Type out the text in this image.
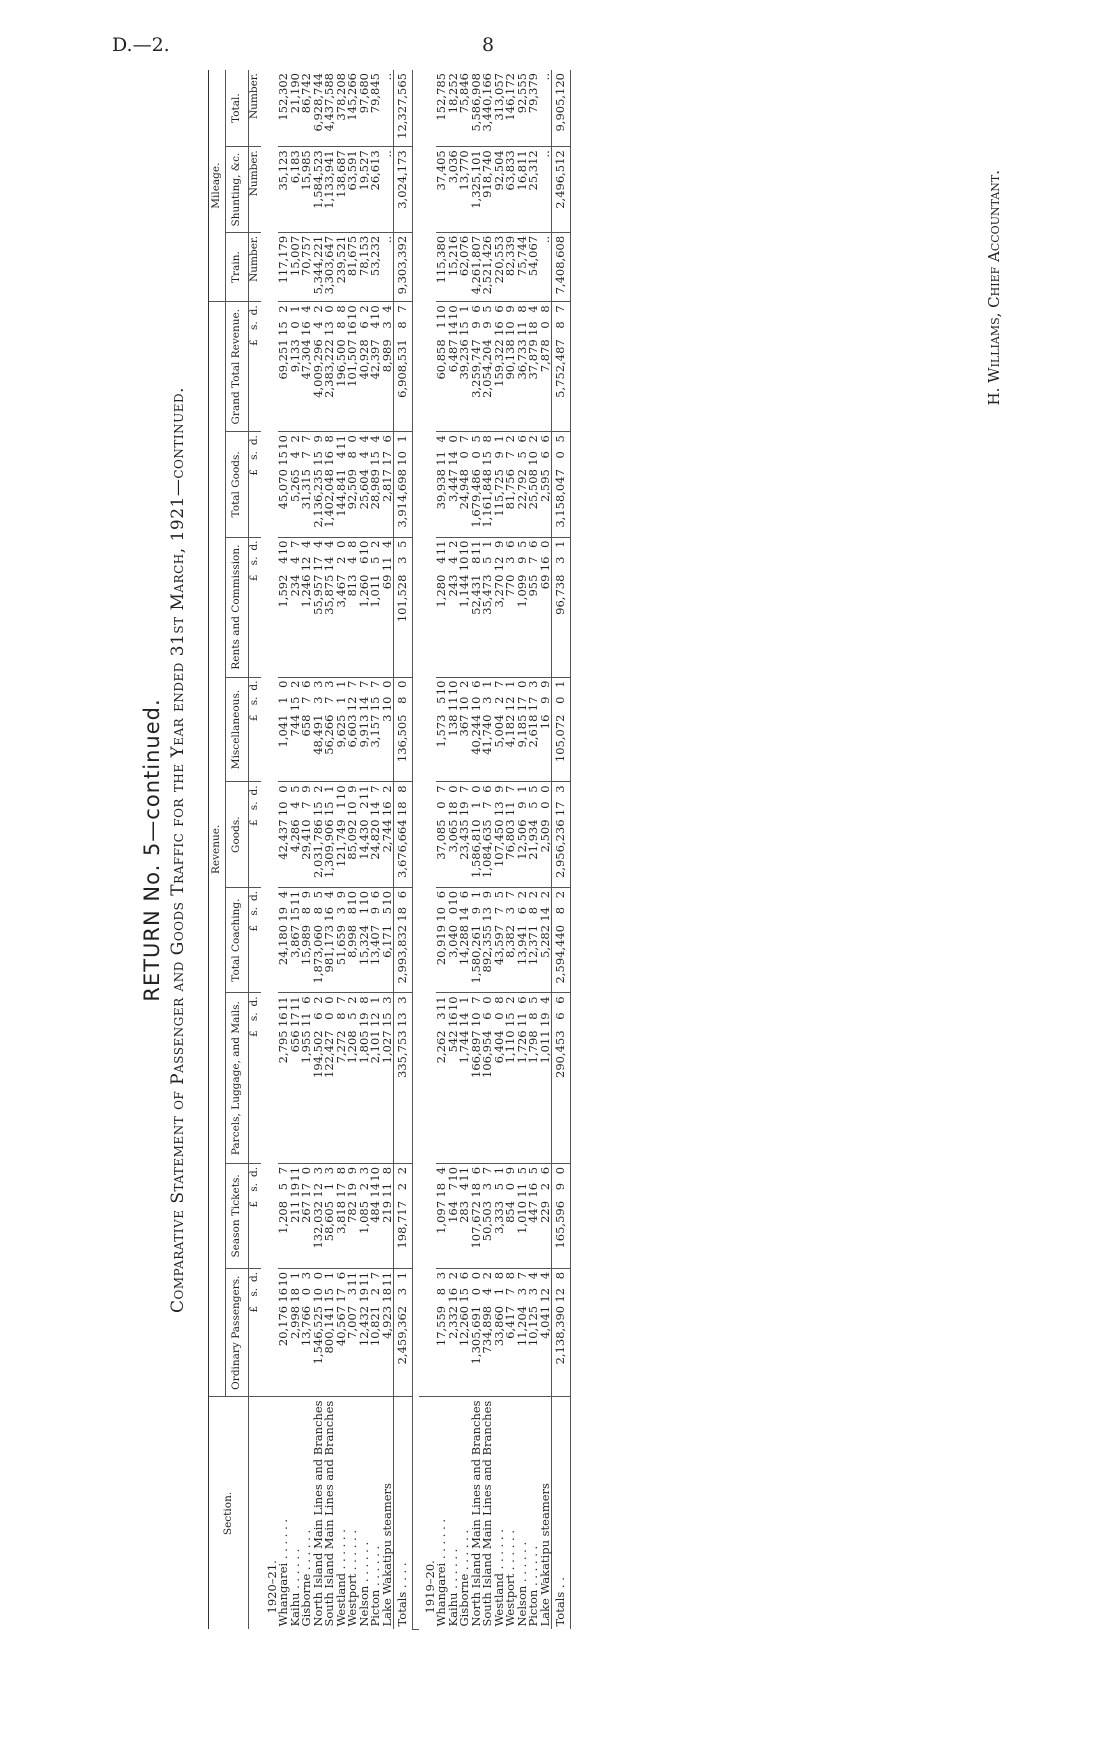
D.—2.	8
RETURN No. 5—continued. Comparative Statement of Passenger and Goods Traffic for the Year ended 31st March, 1921—continued.
Section.	Revenue.									Mileage.		
	Ordinary Passengers.	Season Tickets.	Parcels, Luggage, and Mails.	Total Coaching.	Goods.	Miscellaneous.	Rents and Commission.	Total Goods.	Grand Total Revenue.	Train.	Shunting, &c.	Total.
	£s.d.	£s.d.	£s.d.	£s.d.	£s.d.	£s.d.	£s.d.	£s.d.	£s.d.	Number.	Number.	Number.
1920–21.												
Whangarei . . . . . .	20,1761610	1,20857	2,7951611	24,180194	42,437100	1,04110	1,592410	45,0701510	69,251152	117,179	35,123	152,302
Kaihu . . . . . .	2,998181	2111911	6561711	3,8671511	4,28645	744152	23447	5,26542	9,13301	15,007	6,183	21,190
Gisborne . . . . . .	13,76603	267170	1,955116	15,98989	29,41079	65876	1,246124	31,31577	47,304164	70,757	15,985	86,742
North Island Main Lines and Branches	1,546,525100	132,032123	194,50262	1,873,06085	2,031,786152	48,49133	55,957174	2,136,235159	4,009,29642	5,344,221	1,584,523	6,928,744
South Island Main Lines and Branches	800,141151	58,60513	122,42700	981,173164	1,309,906151	56,26673	35,875144	1,402,048168	2,383,222130	3,303,647	1,133,941	4,437,588
Westland . . . . . .	40,567176	3,818178	7,27287	51,65939	121,749110	9,62511	3,46720	144,841411	196,50088	239,521	138,687	378,208
Westport . . . . . .	7,007311	782199	1,20852	8,998810	85,092109	6,603127	81348	92,50980	101,5071610	81,675	63,591	145,266
Nelson . . . . . .	12,4321911	1,08523	1,805198	15,324110	14,430211	9,913147	1,260610	25,60444	40,92862	78,153	19,527	97,680
Picton . . . . . .	10,82127	4841410	2,101121	13,40796	24,820147	3,157157	1,01152	28,989154	42,397410	53,232	26,613	79,845
Lake Wakatipu steamers	4,9231811	219118	1,027153	6,171510	2,744162	3100	69114	2,817176	8,98934	..	..	..
Totals . . . .	2,459,36231	198,71722	335,753133	2,993,832186	3,676,664188	136,50580	101,52835	3,914,698101	6,908,53187	9,303,392	3,024,173	12,327,565

1919–20.												
Whangarei . . . . . .	17,55983	1,097184	2,262311	20,919106	37,08507	1,573510	1,280411	39,938114	60,858110	115,380	37,405	152,785
Kaihu . . . . . .	2,332162	164710	5421610	3,040010	3,065180	1381110	24342	3,447140	6,4871410	15,216	3,036	18,252
Gisborne . . . . . .	12,260156	283411	1,744141	14,288146	23,435197	367102	1,1441010	24,94807	39,236151	62,076	13,770	75,846
North Island Main Lines and Branches	1,305,69100	107,672186	166,897107	1,580,26191	1,586,81010	40,244106	52,431811	1,679,48605	3,259,74796	4,261,807	1,325,101	5,586,908
South Island Main Lines and Branches	734,89842	50,50337	106,95460	892,355139	1,084,63576	41,74031	35,47351	1,161,848158	2,054,20495	2,521,426	918,740	3,440,166
Westland . . . . . .	33,86018	3,33351	6,40408	43,59775	107,450139	5,00427	3,270129	115,72591	159,322166	220,553	92,504	313,057
Westport . . . . . .	6,41778	85409	1,110152	8,38237	76,803117	4,182121	77036	81,75672	90,138109	82,339	63,833	146,172
Nelson . . . . . .	11,20437	1,010115	1,726116	13,94162	12,50691	9,185170	1,09995	22,79256	36,733118	75,744	16,811	92,555
Picton . . . . . .	10,12534	447165	1,79885	12,37182	21,93455	2,618173	95576	25,508102	37,879184	54,067	25,312	79,379
Lake Wakatipu steamers	4,041124	22926	1,011194	5,282142	2,50900	1699	69160	2,59566	7,87808	..	..	..
Totals . .	2,138,390128	165,59690	290,45366	2,594,44082	2,956,236173	105,07201	96,73831	3,158,04705	5,752,48787	7,408,608	2,496,512	9,905,120
H. Williams, Chief Accountant.
